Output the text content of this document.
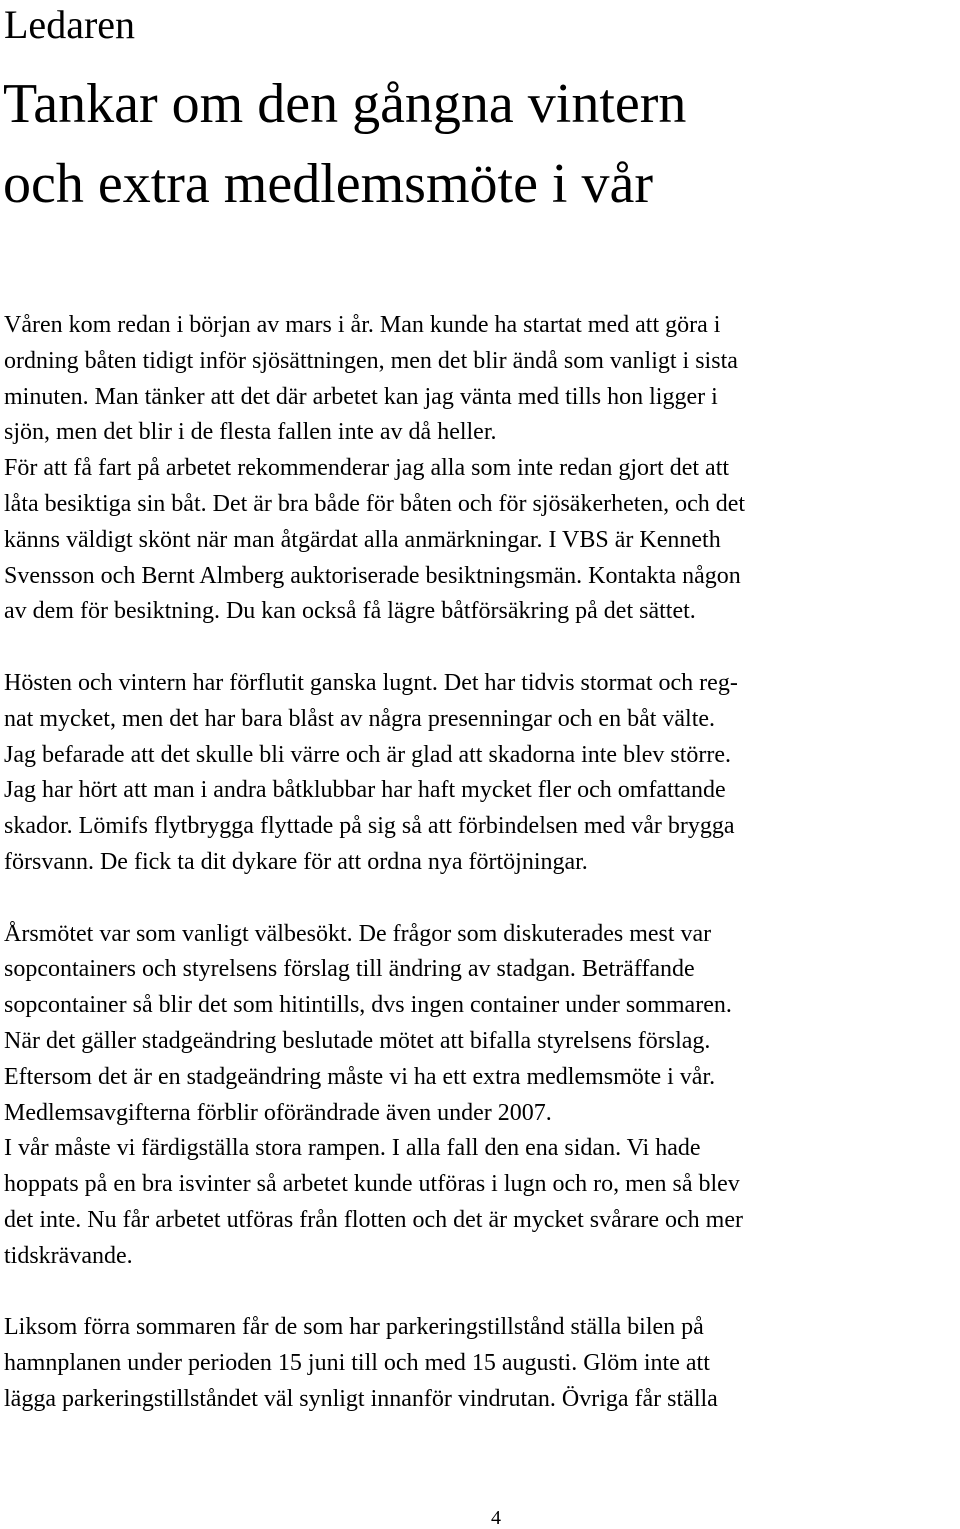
Ledaren
Tankar om den gångna vintern
och extra medlemsmöte i vår

Våren kom redan i början av mars i år. Man kunde ha startat med att göra i
ordning båten tidigt inför sjösättningen, men det blir ändå som vanligt i sista
minuten. Man tänker att det där arbetet kan jag vänta med tills hon ligger i
sjön, men det blir i de flesta fallen inte av då heller.
För att få fart på arbetet rekommenderar jag alla som inte redan gjort det att
låta besiktiga sin båt. Det är bra både för båten och för sjösäkerheten, och det
känns väldigt skönt när man åtgärdat alla anmärkningar. I VBS är Kenneth
Svensson och Bernt Almberg auktoriserade besiktningsmän. Kontakta någon
av dem för besiktning. Du kan också få lägre båtförsäkring på det sättet.

Hösten och vintern har förflutit ganska lugnt. Det har tidvis stormat och reg-
nat mycket, men det har bara blåst av några presenningar och en båt välte.
Jag befarade att det skulle bli värre och är glad att skadorna inte blev större.
Jag har hört att man i andra båtklubbar har haft mycket fler och omfattande
skador. Lömifs flytbrygga flyttade på sig så att förbindelsen med vår brygga
försvann. De fick ta dit dykare för att ordna nya förtöjningar.

Årsmötet var som vanligt välbesökt. De frågor som diskuterades mest var
sopcontainers och styrelsens förslag till ändring av stadgan. Beträffande
sopcontainer så blir det som hitintills, dvs ingen container under sommaren.
När det gäller stadgeändring beslutade mötet att bifalla styrelsens förslag.
Eftersom det är en stadgeändring måste vi ha ett extra medlemsmöte i vår.
Medlemsavgifterna förblir oförändrade även under 2007.
I vår måste vi färdigställa stora rampen. I alla fall den ena sidan. Vi hade
hoppats på en bra isvinter så arbetet kunde utföras i lugn och ro, men så blev
det inte. Nu får arbetet utföras från flotten och det är mycket svårare och mer
tidskrävande.

Liksom förra sommaren får de som har parkeringstillstånd ställa bilen på
hamnplanen under perioden 15 juni till och med 15 augusti. Glöm inte att
lägga parkeringstillståndet väl synligt innanför vindrutan. Övriga får ställa

4
